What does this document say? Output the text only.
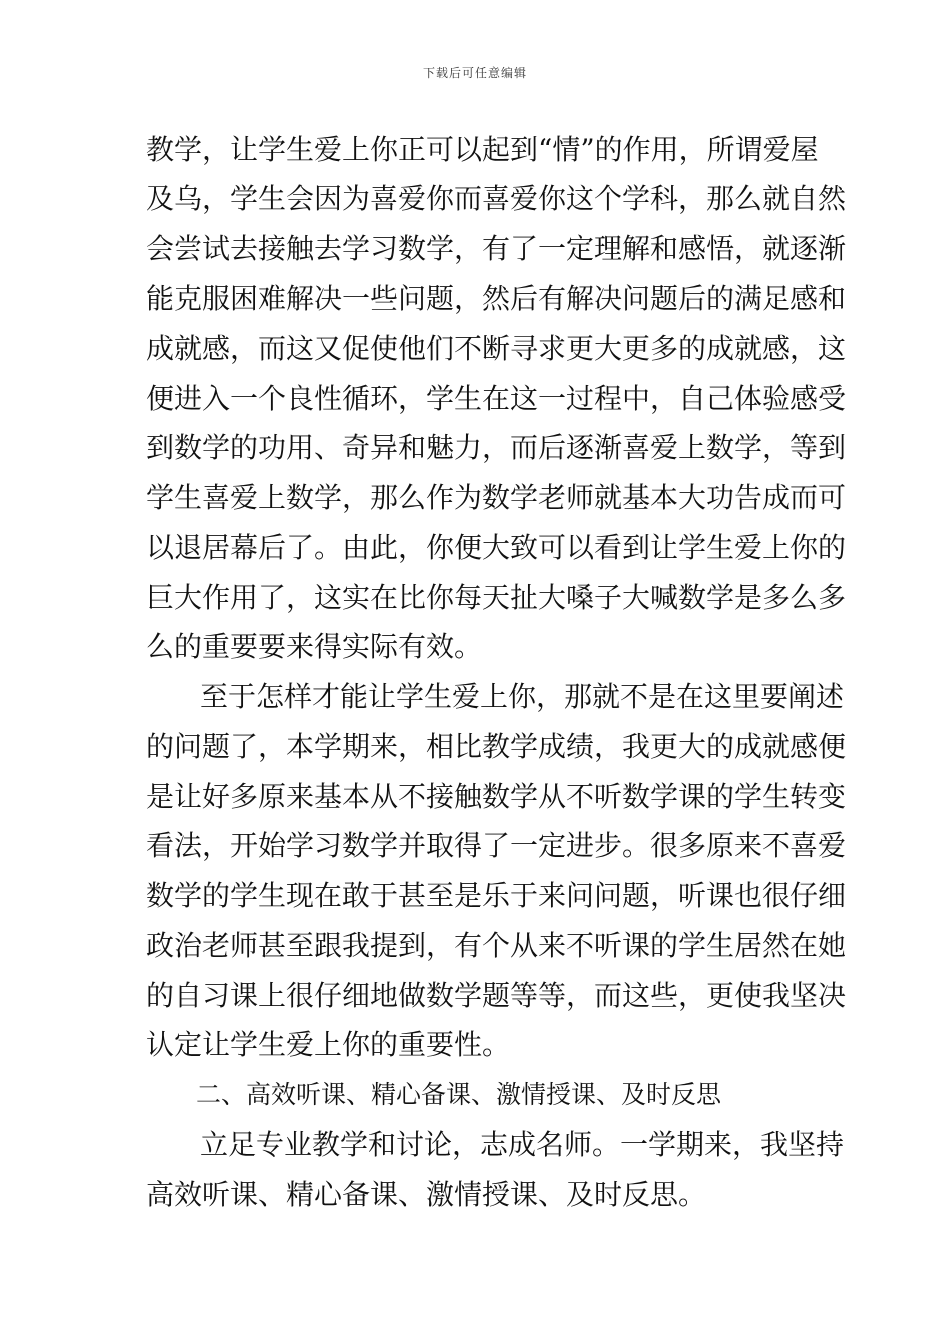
下载后可任意编辑
教学，让学生爱上你正可以起到“情”的作用，所谓爱屋
及乌，学生会因为喜爱你而喜爱你这个学科，那么就自然
会尝试去接触去学习数学，有了一定理解和感悟，就逐渐
能克服困难解决一些问题，然后有解决问题后的满足感和
成就感，而这又促使他们不断寻求更大更多的成就感，这
便进入一个良性循环，学生在这一过程中，自己体验感受
到数学的功用、奇异和魅力，而后逐渐喜爱上数学，等到
学生喜爱上数学，那么作为数学老师就基本大功告成而可
以退居幕后了。由此，你便大致可以看到让学生爱上你的
巨大作用了，这实在比你每天扯大嗓子大喊数学是多么多
么的重要要来得实际有效。
至于怎样才能让学生爱上你，那就不是在这里要阐述
的问题了，本学期来，相比教学成绩，我更大的成就感便
是让好多原来基本从不接触数学从不听数学课的学生转变
看法，开始学习数学并取得了一定进步。很多原来不喜爱
数学的学生现在敢于甚至是乐于来问问题，听课也很仔细
政治老师甚至跟我提到，有个从来不听课的学生居然在她
的自习课上很仔细地做数学题等等，而这些，更使我坚决
认定让学生爱上你的重要性。
二、高效听课、精心备课、激情授课、及时反思
立足专业教学和讨论，志成名师。一学期来，我坚持
高效听课、精心备课、激情授课、及时反思。
